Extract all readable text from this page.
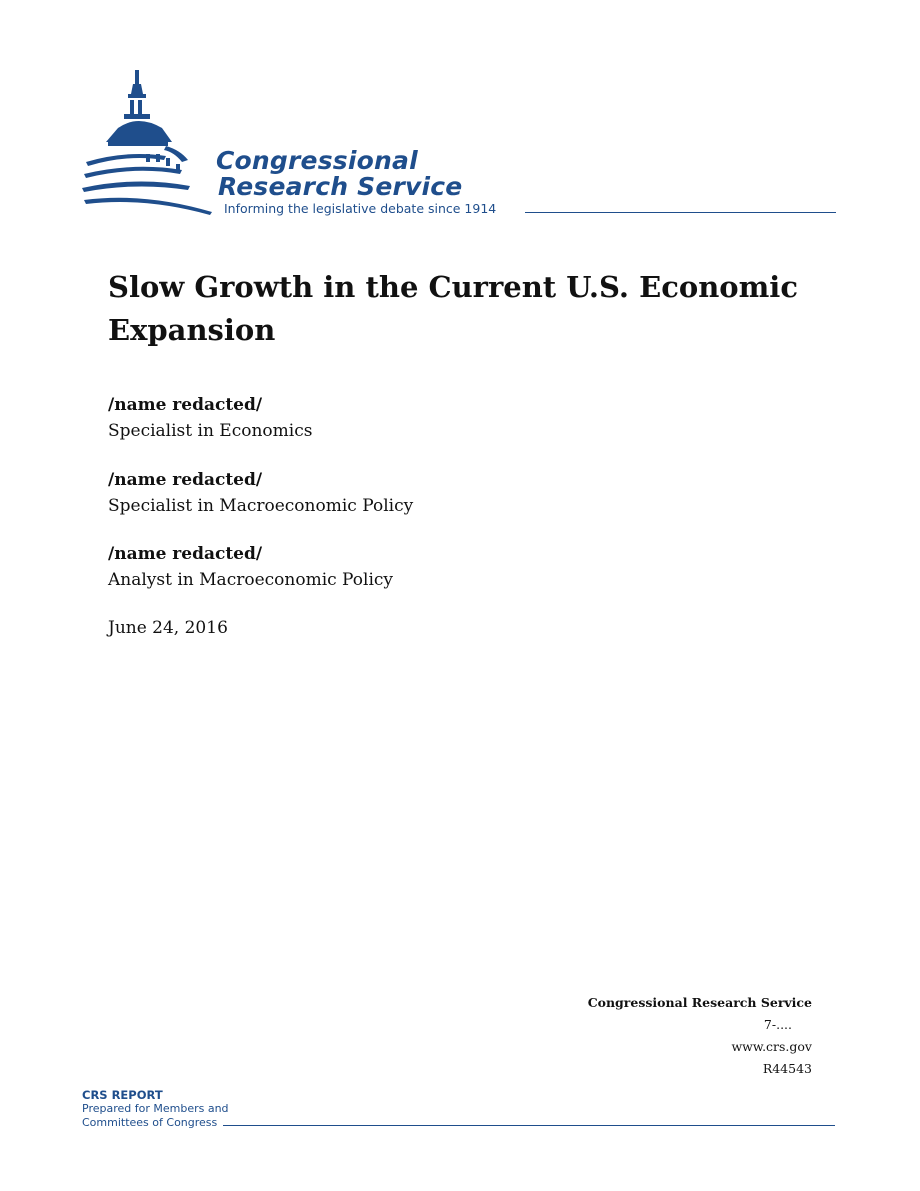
Congressional
Research Service
Informing the legislative debate since 1914
Slow Growth in the Current U.S. Economic Expansion
/name redacted/
Specialist in Economics
/name redacted/
Specialist in Macroeconomic Policy
/name redacted/
Analyst in Macroeconomic Policy
June 24, 2016
Congressional Research Service
7-....
www.crs.gov
R44543
CRS REPORT
Prepared for Members and
Committees of Congress
